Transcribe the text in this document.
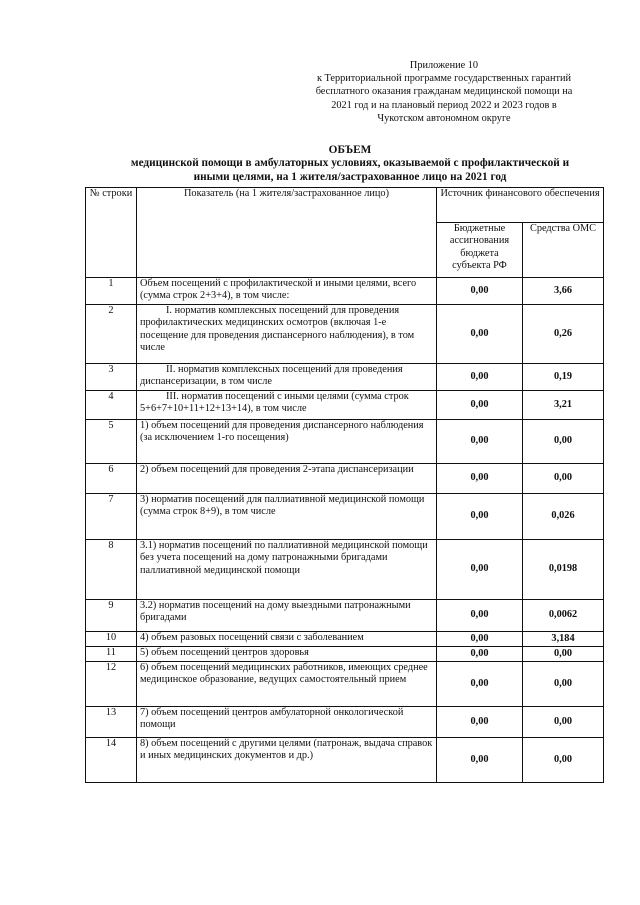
Приложение 10
к Территориальной программе государственных гарантий
бесплатного оказания гражданам медицинской помощи на
2021 год и на плановый период 2022 и 2023 годов в
Чукотском автономном округе
ОБЪЕМ
медицинской помощи в амбулаторных условиях, оказываемой с профилактической и
иными целями, на 1 жителя/застрахованное лицо на 2021 год
№ строки	Показатель (на 1 жителя/застрахованное лицо)	Источник финансового обеспечения	
		Бюджетные ассигнования бюджета субъекта РФ	Средства ОМС
1	Объем посещений с профилактической и иными целями, всего (сумма строк 2+3+4), в том числе:	0,00	3,66
2	I. норматив комплексных посещений для проведения профилактических медицинских осмотров (включая 1-е посещение для проведения диспансерного наблюдения), в том числе	0,00	0,26
3	II. норматив комплексных посещений для проведения диспансеризации, в том числе	0,00	0,19
4	III. норматив посещений с иными целями (сумма строк 5+6+7+10+11+12+13+14), в том числе	0,00	3,21
5	1) объем посещений для проведения диспансерного наблюдения (за исключением 1-го посещения)	0,00	0,00
6	2) объем посещений для проведения 2-этапа диспансеризации	0,00	0,00
7	3) норматив посещений для паллиативной медицинской помощи (сумма строк 8+9), в том числе	0,00	0,026
8	3.1) норматив посещений по паллиативной медицинской помощи без учета посещений на дому патронажными бригадами паллиативной медицинской помощи	0,00	0,0198
9	3.2) норматив посещений на дому выездными патронажными бригадами	0,00	0,0062
10	4) объем разовых посещений связи с заболеванием	0,00	3,184
11	5) объем посещений центров здоровья	0,00	0,00
12	6) объем посещений медицинских работников, имеющих среднее медицинское образование, ведущих самостоятельный прием	0,00	0,00
13	7) объем посещений центров амбулаторной онкологической помощи	0,00	0,00
14	8) объем посещений с другими целями (патронаж, выдача справок и иных медицинских документов и др.)	0,00	0,00
